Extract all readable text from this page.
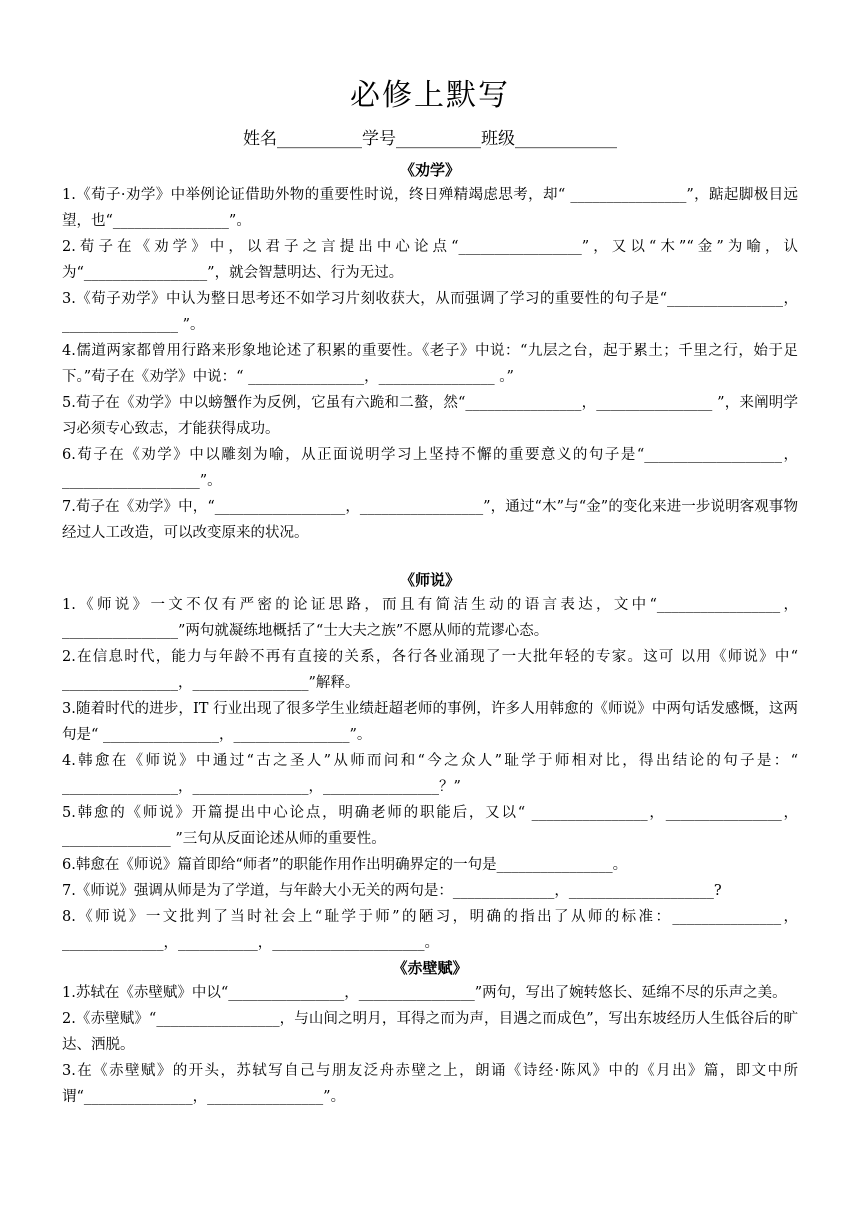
必修上默写
姓名__________学号__________班级____________
《劝学》

1.《荀子·劝学》中举例论证借助外物的重要性时说，终日殚精竭虑思考，却“ ________________”，踮起脚极目远望，也“________________”。

2.荀子在《劝学》中，以君子之言提出中心论点“_________________”，又以“木”“金”为喻，认为“_________________”，就会智慧明达、行为无过。

3.《荀子劝学》中认为整日思考还不如学习片刻收获大，从而强调了学习的重要性的句子是“________________，________________ ”。

4.儒道两家都曾用行路来形象地论述了积累的重要性。《老子》中说：“九层之台，起于累土；千里之行，始于足下。”荀子在《劝学》中说：“ ________________，________________ 。”

5.荀子在《劝学》中以螃蟹作为反例，它虽有六跪和二螯，然“________________，________________ ”，来阐明学习必须专心致志，才能获得成功。

6.荀子在《劝学》中以雕刻为喻，从正面说明学习上坚持不懈的重要意义的句子是“___________________，___________________”。

7.荀子在《劝学》中，“__________________，_________________”，通过“木”与“金”的变化来进一步说明客观事物经过人工改造，可以改变原来的状况。

《师说》

1.《师说》一文不仅有严密的论证思路，而且有简洁生动的语言表达，文中“_________________，________________”两句就凝练地概括了“士大夫之族”不愿从师的荒谬心态。

2.在信息时代，能力与年龄不再有直接的关系，各行各业涌现了一大批年轻的专家。这可 以用《师说》中“ ________________，________________”解释。

3.随着时代的进步，IT 行业出现了很多学生业绩赶超老师的事例，许多人用韩愈的《师说》中两句话发感慨，这两句是“ ________________，________________”。

4.韩愈在《师说》中通过“古之圣人”从师而问和“今之众人”耻学于师相对比，得出结论的句子是：“ ________________，________________，________________？”

5.韩愈的《师说》开篇提出中心论点，明确老师的职能后，又以“ ________________，________________，_______________ ”三句从反面论述从师的重要性。

6.韩愈在《师说》篇首即给“师者”的职能作用作出明确界定的一句是________________。

7.《师说》强调从师是为了学道，与年龄大小无关的两句是：______________，____________________?

8.《师说》一文批判了当时社会上“耻学于师”的陋习，明确的指出了从师的标准：_______________，______________，___________，_____________________。

《赤壁赋》

1.苏轼在《赤壁赋》中以“________________，________________”两句，写出了婉转悠长、延绵不尽的乐声之美。

2.《赤壁赋》“_________________，与山间之明月，耳得之而为声，目遇之而成色”，写出东坡经历人生低谷后的旷达、洒脱。

3.在《赤壁赋》的开头，苏轼写自己与朋友泛舟赤壁之上，朗诵《诗经·陈风》中的《月出》篇，即文中所谓“_______________，________________”。
